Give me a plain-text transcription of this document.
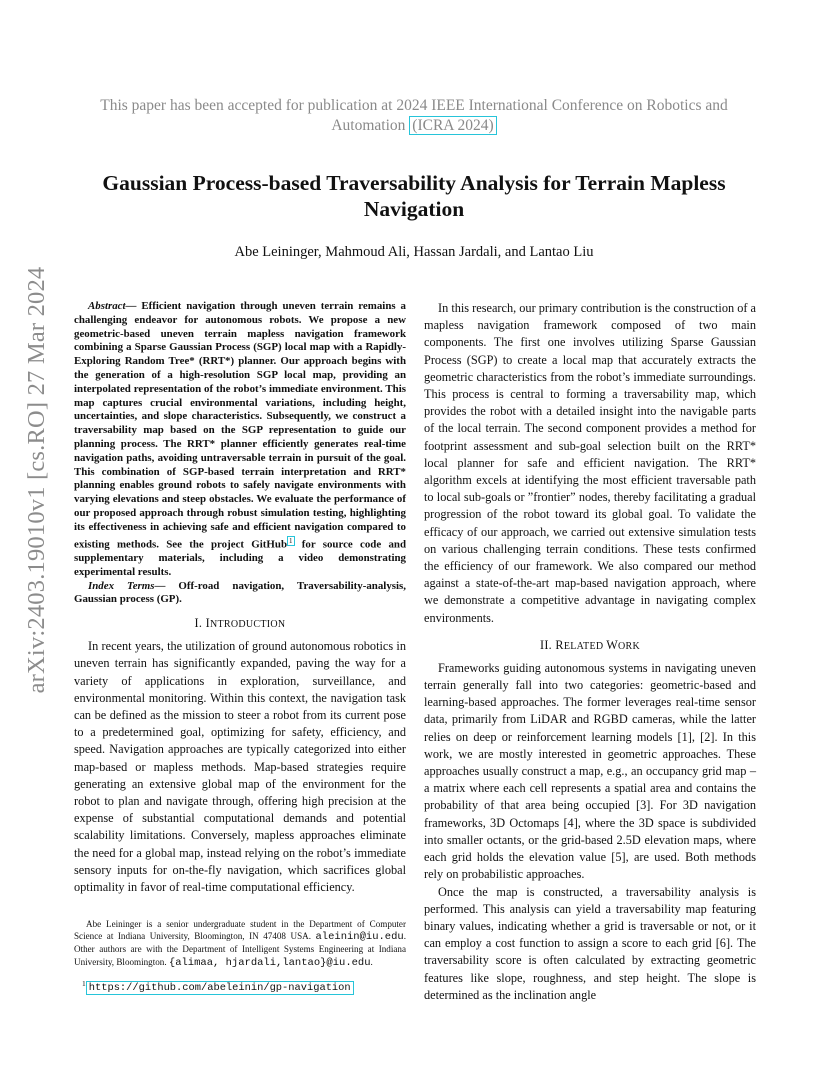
This paper has been accepted for publication at 2024 IEEE International Conference on Robotics and
Automation (ICRA 2024)
Gaussian Process-based Traversability Analysis for Terrain Mapless Navigation
Abe Leininger, Mahmoud Ali, Hassan Jardali, and Lantao Liu
arXiv:2403.19010v1 [cs.RO] 27 Mar 2024	Abstract— Efficient navigation through uneven terrain remains a challenging endeavor for autonomous robots. We propose a new geometric-based uneven terrain mapless navigation framework combining a Sparse Gaussian Process (SGP) local map with a Rapidly-Exploring Random Tree* (RRT*) planner. Our approach begins with the generation of a high-resolution SGP local map, providing an interpolated representation of the robot’s immediate environment. This map captures crucial environmental variations, including height, uncertainties, and slope characteristics. Subsequently, we construct a traversability map based on the SGP representation to guide our planning process. The RRT* planner efficiently generates real-time navigation paths, avoiding untraversable terrain in pursuit of the goal. This combination of SGP-based terrain interpretation and RRT* planning enables ground robots to safely navigate environments with varying elevations and steep obstacles. We evaluate the performance of our proposed approach through robust simulation testing, highlighting its effectiveness in achieving safe and efficient navigation compared to existing methods. See the project GitHub $^1$ for source code and supplementary materials, including a video demonstrating experimental results.

Index Terms— Off-road navigation, Traversability-analysis, Gaussian process (GP).

I. INTRODUCTION

In recent years, the utilization of ground autonomous robotics in uneven terrain has significantly expanded, paving the way for a variety of applications in exploration, surveillance, and environmental monitoring. Within this context, the navigation task can be defined as the mission to steer a robot from its current pose to a predetermined goal, optimizing for safety, efficiency, and speed. Navigation approaches are typically categorized into either map-based or mapless methods. Map-based strategies require generating an extensive global map of the environment for the robot to plan and navigate through, offering high precision at the expense of substantial computational demands and potential scalability limitations. Conversely, mapless approaches eliminate the need for a global map, instead relying on the robot’s immediate sensory inputs for on-the-fly navigation, which sacrifices global optimality in favor of real-time computational efficiency.

Abe Leininger is a senior undergraduate student in the Department of Computer Science at Indiana University, Bloomington, IN 47408 USA. aleinin@iu.edu. Other authors are with the Department of Intelligent Systems Engineering at Indiana University, Bloomington. {alimaa, hjardali,lantao}@iu.edu.

$^1$ https://github.com/abeleinin/gp-navigation

In this research, our primary contribution is the construction of a mapless navigation framework composed of two main components. The first one involves utilizing Sparse Gaussian Process (SGP) to create a local map that accurately extracts the geometric characteristics from the robot’s immediate surroundings. This process is central to forming a traversability map, which provides the robot with a detailed insight into the navigable parts of the local terrain. The second component provides a method for footprint assessment and sub-goal selection built on the RRT* local planner for safe and efficient navigation. The RRT* algorithm excels at identifying the most efficient traversable path to local sub-goals or ”frontier” nodes, thereby facilitating a gradual progression of the robot toward its global goal. To validate the efficacy of our approach, we carried out extensive simulation tests on various challenging terrain conditions. These tests confirmed the efficiency of our framework. We also compared our method against a state-of-the-art map-based navigation approach, where we demonstrate a competitive advantage in navigating complex environments.

II. RELATED WORK

Frameworks guiding autonomous systems in navigating uneven terrain generally fall into two categories: geometric-based and learning-based approaches. The former leverages real-time sensor data, primarily from LiDAR and RGBD cameras, while the latter relies on deep or reinforcement learning models [1], [2]. In this work, we are mostly interested in geometric approaches. These approaches usually construct a map, e.g., an occupancy grid map – a matrix where each cell represents a spatial area and contains the probability of that area being occupied [3]. For 3D navigation frameworks, 3D Octomaps [4], where the 3D space is subdivided into smaller octants, or the grid-based 2.5D elevation maps, where each grid holds the elevation value [5], are used. Both methods rely on probabilistic approaches.

Once the map is constructed, a traversability analysis is performed. This analysis can yield a traversability map featuring binary values, indicating whether a grid is traversable or not, or it can employ a cost function to assign a score to each grid [6]. The traversability score is often calculated by extracting geometric features like slope, roughness, and step height. The slope is determined as the inclination angle
